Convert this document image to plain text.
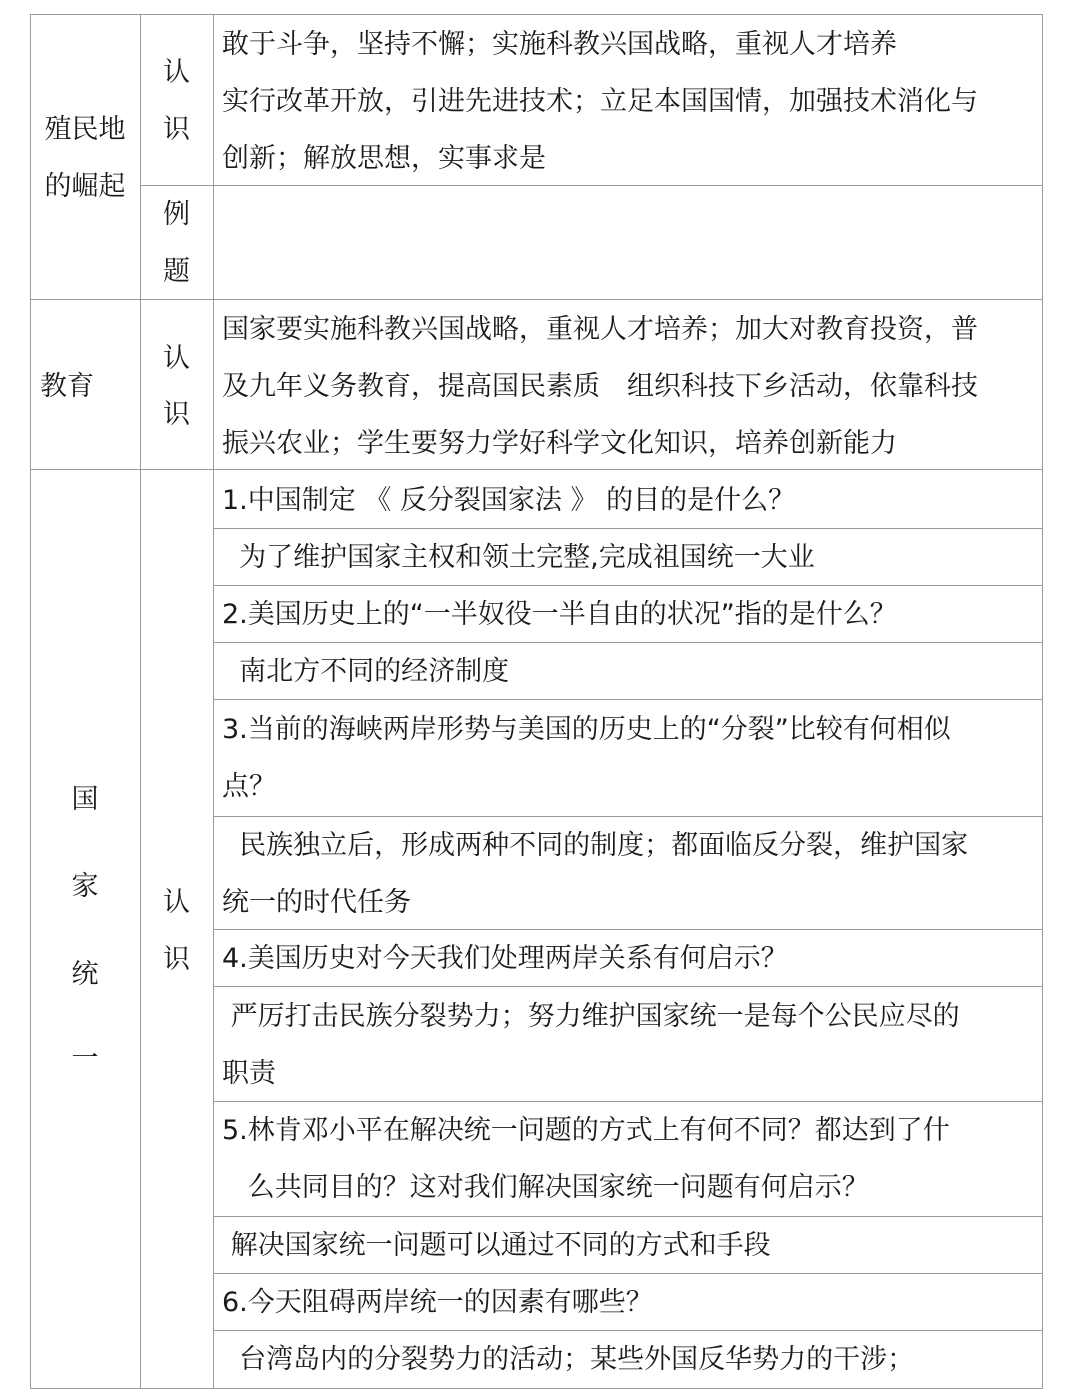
殖民地
的崛起
认
识
例
题
敢于斗争，坚持不懈；实施科教兴国战略，重视人才培养
实行改革开放，引进先进技术；立足本国国情，加强技术消化与
创新；解放思想，实事求是
教育
认
识
国家要实施科教兴国战略，重视人才培养；加大对教育投资，普
及九年义务教育，提高国民素质　组织科技下乡活动，依靠科技
振兴农业；学生要努力学好科学文化知识，培养创新能力
国
家
统
一
认
识
1.中国制定 《 反分裂国家法 》 的目的是什么？
为了维护国家主权和领土完整,完成祖国统一大业
2.美国历史上的“一半奴役一半自由的状况”指的是什么？
南北方不同的经济制度
3.当前的海峡两岸形势与美国的历史上的“分裂”比较有何相似
点？
民族独立后，形成两种不同的制度；都面临反分裂，维护国家
统一的时代任务
4.美国历史对今天我们处理两岸关系有何启示？
严厉打击民族分裂势力；努力维护国家统一是每个公民应尽的
职责
5.林肯邓小平在解决统一问题的方式上有何不同？都达到了什
么共同目的？这对我们解决国家统一问题有何启示？
解决国家统一问题可以通过不同的方式和手段
6.今天阻碍两岸统一的因素有哪些？
台湾岛内的分裂势力的活动；某些外国反华势力的干涉；
